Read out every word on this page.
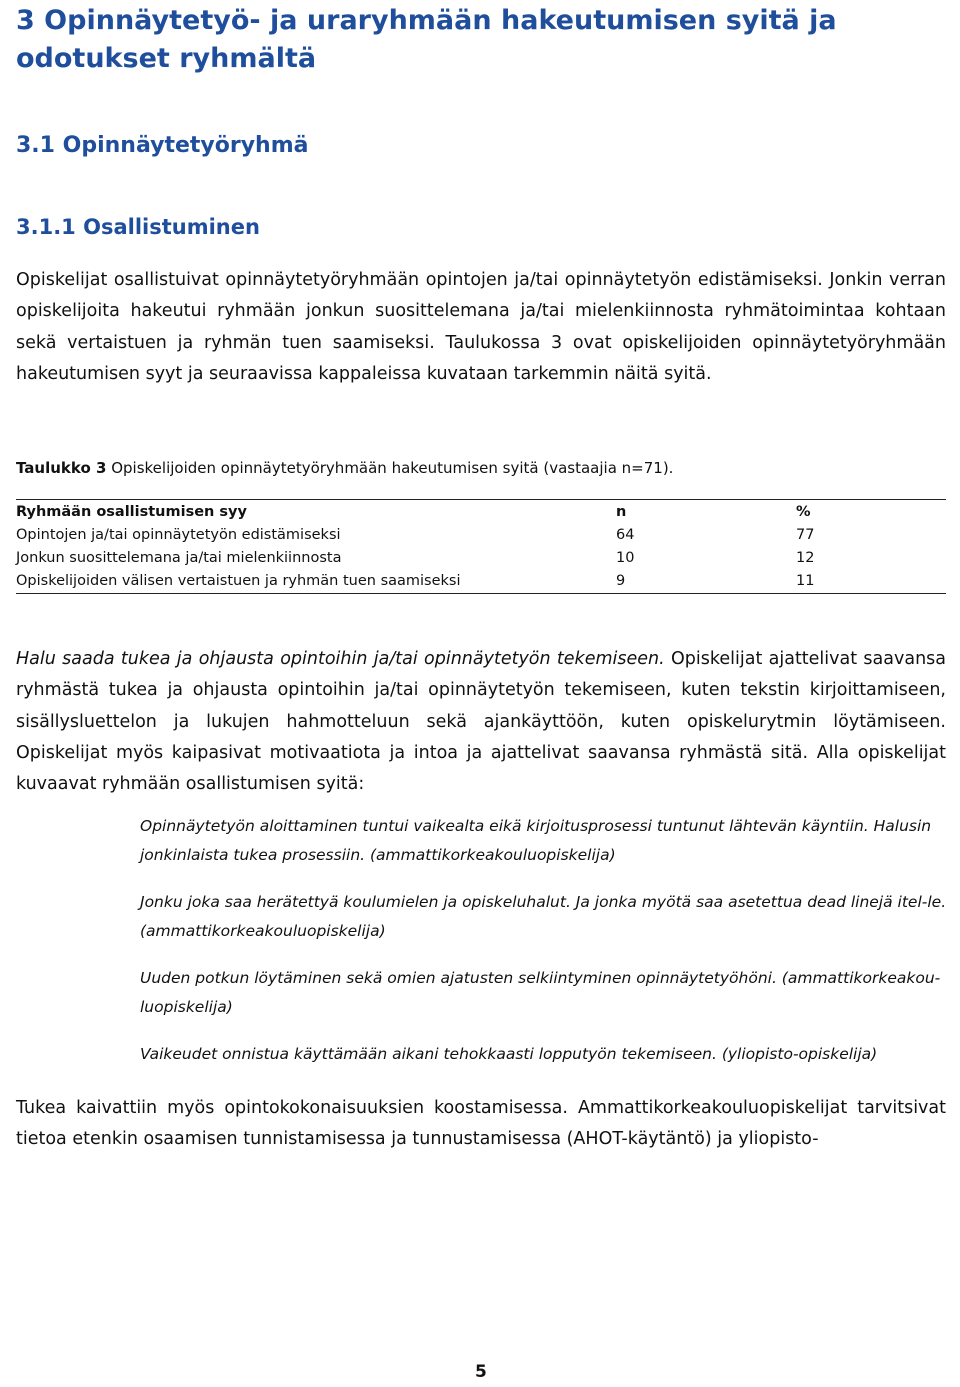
3 Opinnäytetyö- ja uraryhmään hakeutumisen syitä ja odotukset ryhmältä
3.1 Opinnäytetyöryhmä
3.1.1 Osallistuminen

Opiskelijat osallistuivat opinnäytetyöryhmään opintojen ja/tai opinnäytetyön edistämiseksi. Jonkin verran opiskelijoita hakeutui ryhmään jonkun suosittelemana ja/tai mielenkiinnosta ryhmätoimintaa kohtaan sekä vertaistuen ja ryhmän tuen saamiseksi. Taulukossa 3 ovat opiskelijoiden opinnäytetyöryhmään hakeutumisen syyt ja seuraavissa kappaleissa kuvataan tarkemmin näitä syitä.

Taulukko 3 Opiskelijoiden opinnäytetyöryhmään hakeutumisen syitä (vastaajia n=71).

Ryhmään osallistumisen syy	n	%
Opintojen ja/tai opinnäytetyön edistämiseksi	64	77
Jonkun suosittelemana ja/tai mielenkiinnosta	10	12
Opiskelijoiden välisen vertaistuen ja ryhmän tuen saamiseksi	9	11

Halu saada tukea ja ohjausta opintoihin ja/tai opinnäytetyön tekemiseen. Opiskelijat ajattelivat saavansa ryhmästä tukea ja ohjausta opintoihin ja/tai opinnäytetyön tekemiseen, kuten tekstin kirjoittamiseen, sisällysluettelon ja lukujen hahmotteluun sekä ajankäyttöön, kuten opiskelurytmin löytämiseen. Opiskelijat myös kaipasivat motivaatiota ja intoa ja ajattelivat saavansa ryhmästä sitä. Alla opiskelijat kuvaavat ryhmään osallistumisen syitä:

Opinnäytetyön aloittaminen tuntui vaikealta eikä kirjoitusprosessi tuntunut lähtevän käyntiin. Halusin jonkinlaista tukea prosessiin. (ammattikorkeakouluopiskelija)

Jonku joka saa herätettyä koulumielen ja opiskeluhalut. Ja jonka myötä saa asetettua dead linejä itel-le. (ammattikorkeakouluopiskelija)

Uuden potkun löytäminen sekä omien ajatusten selkiintyminen opinnäytetyöhöni. (ammattikorkeakou-luopiskelija)

Vaikeudet onnistua käyttämään aikani tehokkaasti lopputyön tekemiseen. (yliopisto-opiskelija)

Tukea kaivattiin myös opintokokonaisuuksien koostamisessa. Ammattikorkeakouluopiskelijat tarvitsivat tietoa etenkin osaamisen tunnistamisessa ja tunnustamisessa (AHOT-käytäntö) ja yliopisto-

5
